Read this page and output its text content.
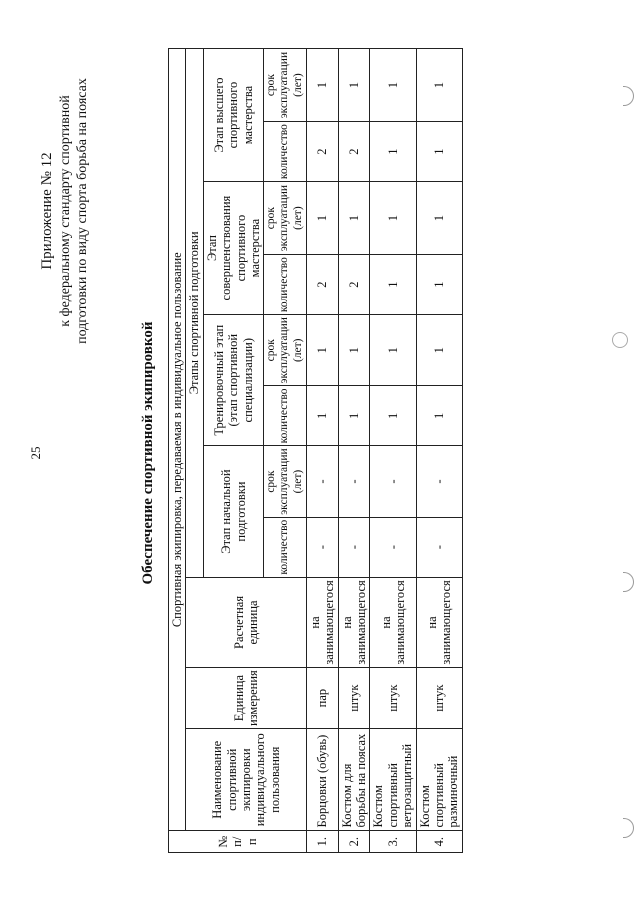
25
Приложение № 12 к федеральному стандарту спортивной подготовки по виду спорта борьба на поясах
Обеспечение спортивной экипировкой
№ п/п	Спортивная экипировка, передаваемая в индивидуальное пользование										
	Наименование спортивной экипировки индивидуального пользования	Единица измерения	Расчетная единица	Этапы спортивной подготовки							
				Этап начальной подготовки		Тренировочный этап (этап спортивной специализации)		Этап совершенствования спортивного мастерства		Этап высшего спортивного мастерства	
				количество	срок эксплуатации (лет)	количество	срок эксплуатации (лет)	количество	срок эксплуатации (лет)	количество	срок эксплуатации (лет)
1.	Борцовки (обувь)	пар	на занимающегося	-	-	1	1	2	1	2	1
2.	Костюм для борьбы на поясах	штук	на занимающегося	-	-	1	1	2	1	2	1
3.	Костюм спортивный ветрозащитный	штук	на занимающегося	-	-	1	1	1	1	1	1
4.	Костюм спортивный разминочный	штук	на занимающегося	-	-	1	1	1	1	1	1
